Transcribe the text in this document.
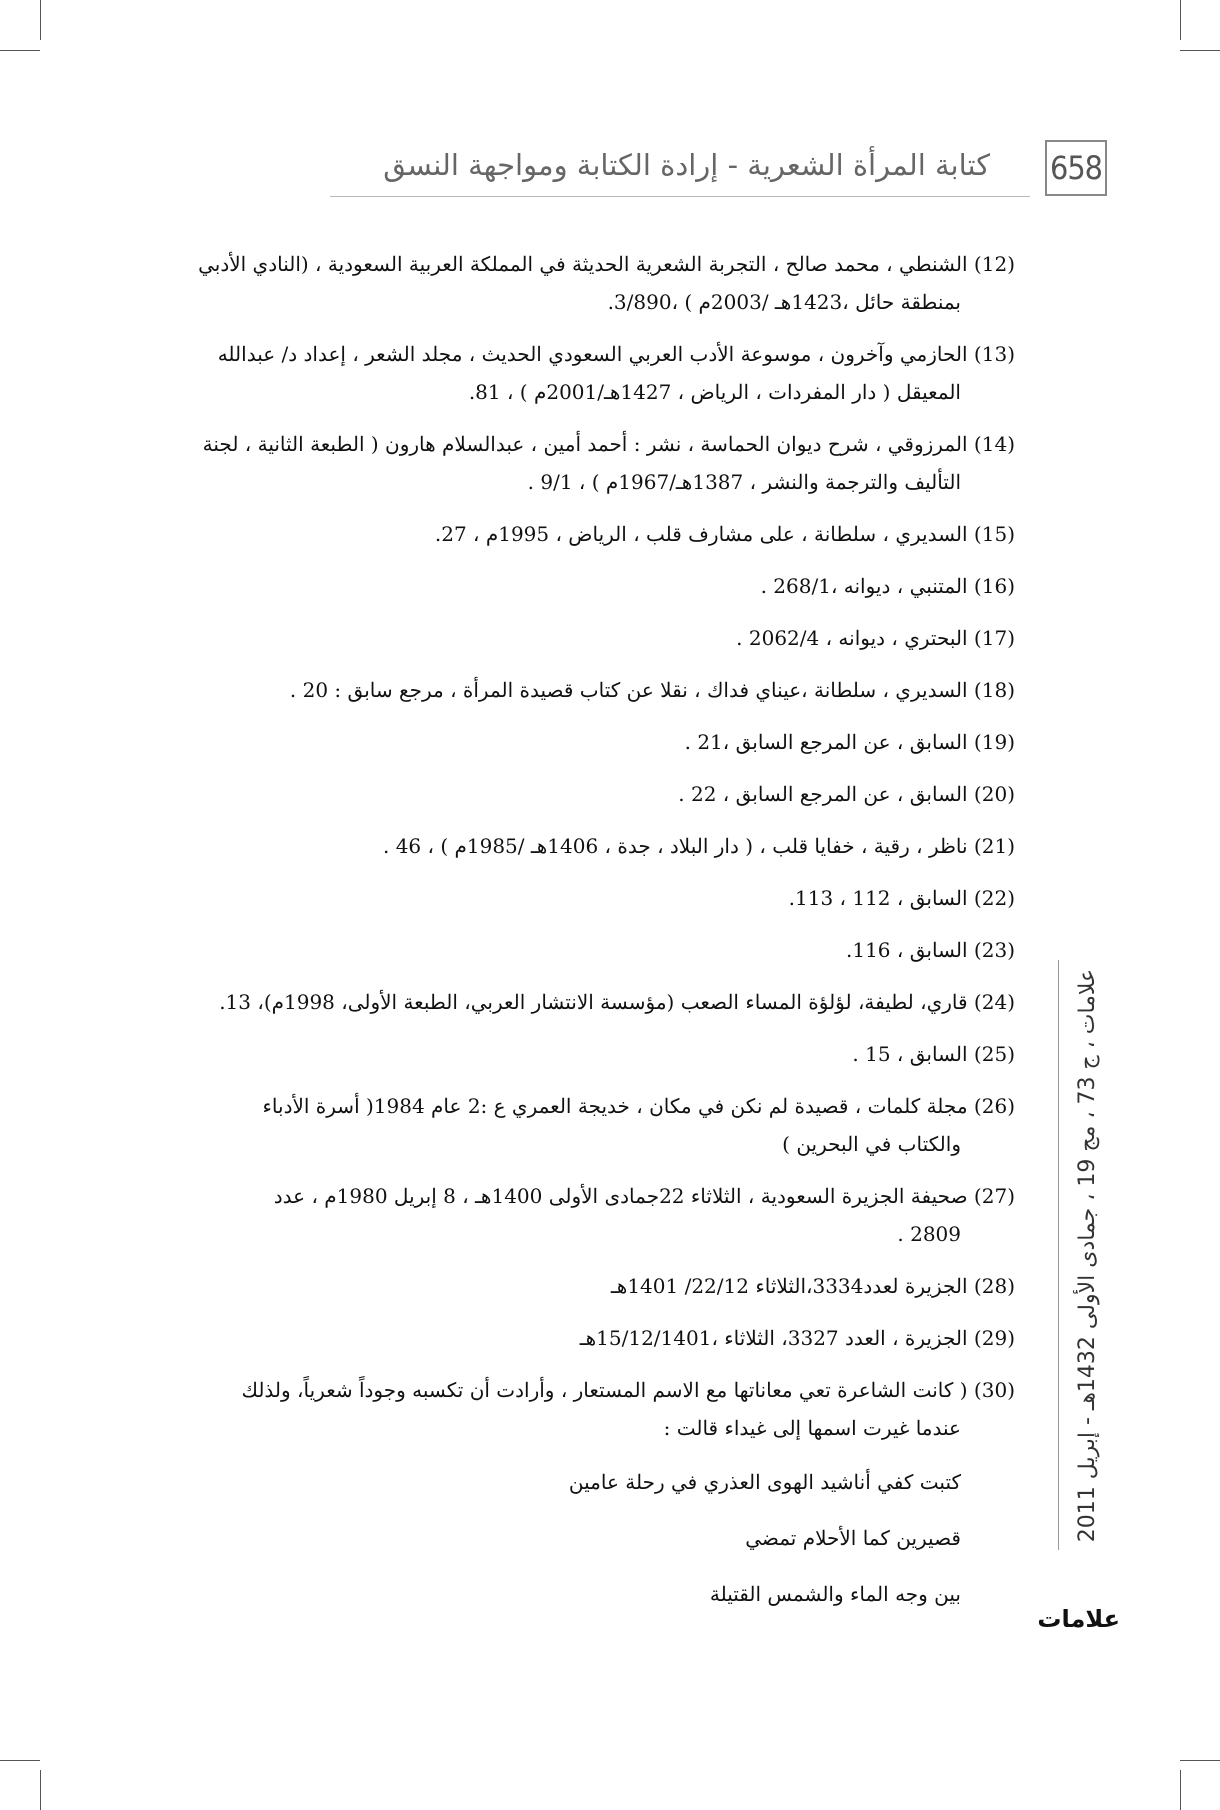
658
كتابة المرأة الشعرية - إرادة الكتابة ومواجهة النسق
(12) الشنطي ، محمد صالح ، التجربة الشعرية الحديثة في المملكة العربية السعودية ، (النادي الأدبي
بمنطقة حائل ،1423هـ /2003م ) ،3/890.
(13) الحازمي وآخرون ، موسوعة الأدب العربي السعودي الحديث ، مجلد الشعر ، إعداد د/ عبدالله
المعيقل ( دار المفردات ، الرياض ، 1427هـ/2001م ) ، 81.
(14) المرزوقي ، شرح ديوان الحماسة ، نشر : أحمد أمين ، عبدالسلام هارون ( الطبعة الثانية ، لجنة
التأليف والترجمة والنشر ، 1387هـ/1967م ) ، 9/1 .
(15) السديري ، سلطانة ، على مشارف قلب ، الرياض ، 1995م ، 27.
(16) المتنبي ، ديوانه ،268/1 .
(17) البحتري ، ديوانه ، 2062/4 .
(18) السديري ، سلطانة ،عيناي فداك ، نقلا عن كتاب قصيدة المرأة ، مرجع سابق : 20 .
(19) السابق ، عن المرجع السابق ،21 .
(20) السابق ، عن المرجع السابق ، 22 .
(21) ناظر ، رقية ، خفايا قلب ، ( دار البلاد ، جدة ، 1406هـ /1985م ) ، 46 .
(22) السابق ، 112 ، 113.
(23) السابق ، 116.
(24) قاري، لطيفة، لؤلؤة المساء الصعب (مؤسسة الانتشار العربي، الطبعة الأولى، 1998م)، 13.
(25) السابق ، 15 .
(26) مجلة كلمات ، قصيدة لم نكن في مكان ، خديجة العمري ع :2 عام 1984( أسرة الأدباء
والكتاب في البحرين )
(27) صحيفة الجزيرة السعودية ، الثلاثاء 22جمادى الأولى 1400هـ ، 8 إبريل 1980م ، عدد
2809 .
(28) الجزيرة لعدد3334،الثلاثاء 22/12/ 1401هـ
(29) الجزيرة ، العدد 3327، الثلاثاء ،15/12/1401هـ
(30) ( كانت الشاعرة تعي معاناتها مع الاسم المستعار ، وأرادت أن تكسبه وجوداً شعرياً، ولذلك
عندما غيرت اسمها إلى غيداء قالت :
كتبت كفي أناشيد الهوى العذري في رحلة عامين
قصيرين كما الأحلام تمضي
بين وجه الماء والشمس القتيلة
علامات ، ج 73 ، مج 19 ، جمادى الأولى 1432هـ - إبريل 2011
علامات
